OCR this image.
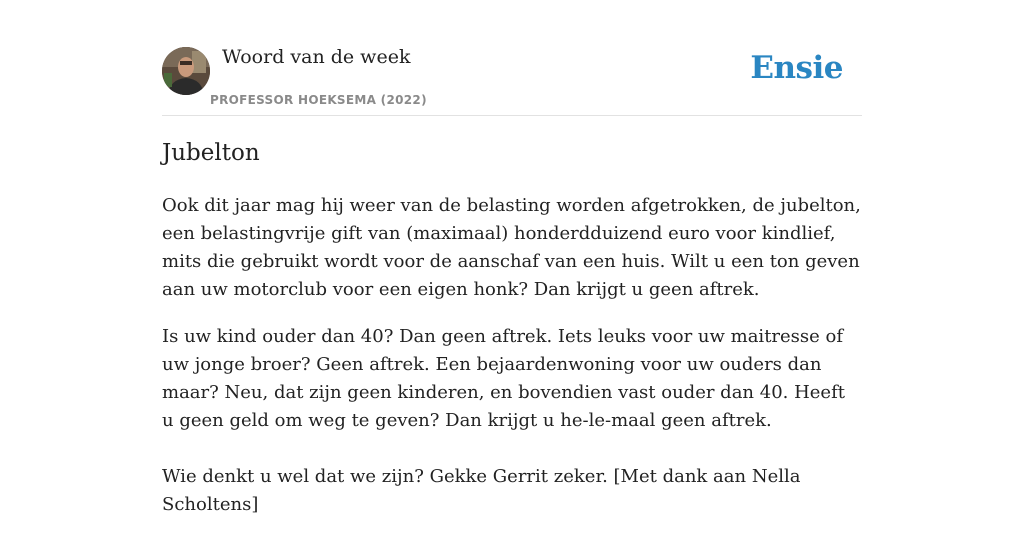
Woord van de week
PROFESSOR HOEKSEMA (2022)
Ensie
Jubelton

Ook dit jaar mag hij weer van de belasting worden afgetrokken, de jubelton, een belastingvrije gift van (maximaal) honderdduizend euro voor kindlief, mits die gebruikt wordt voor de aanschaf van een huis. Wilt u een ton geven aan uw motorclub voor een eigen honk? Dan krijgt u geen aftrek.

Is uw kind ouder dan 40? Dan geen aftrek. Iets leuks voor uw maitresse of uw jonge broer? Geen aftrek. Een bejaardenwoning voor uw ouders dan maar? Neu, dat zijn geen kinderen, en bovendien vast ouder dan 40. Heeft u geen geld om weg te geven? Dan krijgt u he-le-maal geen aftrek.

Wie denkt u wel dat we zijn? Gekke Gerrit zeker. [Met dank aan Nella Scholtens]
